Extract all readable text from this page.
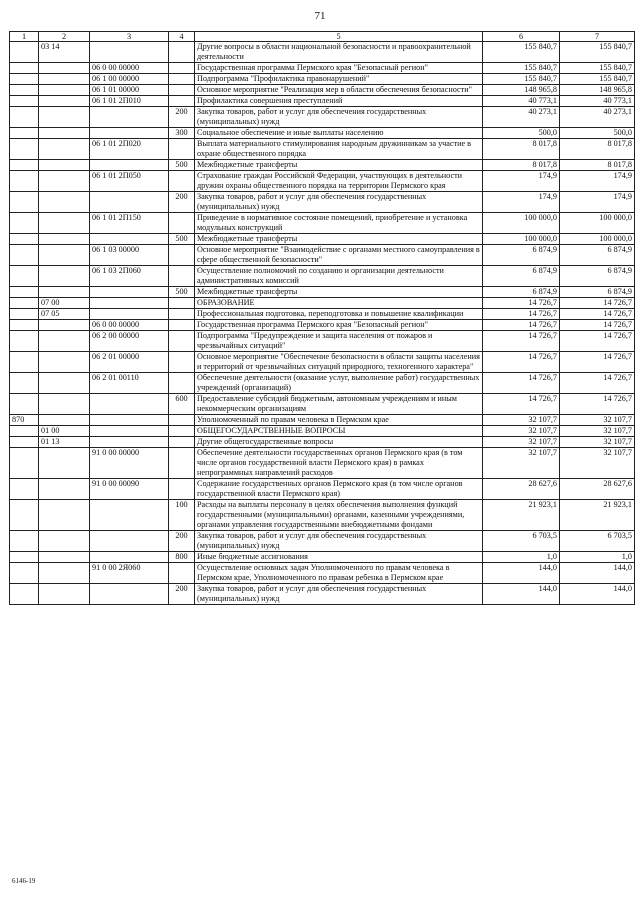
71
1	2	3	4	5	6	7
	03 14			Другие вопросы в области национальной безопасности и правоохранительной деятельности	155 840,7	155 840,7
		06 0 00 00000		Государственная программа Пермского края "Безопасный регион"	155 840,7	155 840,7
		06 1 00 00000		Подпрограмма "Профилактика правонарушений"	155 840,7	155 840,7
		06 1 01 00000		Основное мероприятие "Реализация мер в области обеспечения безопасности"	148 965,8	148 965,8
		06 1 01 2П010		Профилактика совершения преступлений	40 773,1	40 773,1
			200	Закупка товаров, работ и услуг для обеспечения государственных (муниципальных) нужд	40 273,1	40 273,1
			300	Социальное обеспечение и иные выплаты населению	500,0	500,0
		06 1 01 2П020		Выплата материального стимулирования народным дружинникам за участие в охране общественного порядка	8 017,8	8 017,8
			500	Межбюджетные трансферты	8 017,8	8 017,8
		06 1 01 2П050		Страхование граждан Российской Федерации, участвующих в деятельности дружин охраны общественного порядка на территории Пермского края	174,9	174,9
			200	Закупка товаров, работ и услуг для обеспечения государственных (муниципальных) нужд	174,9	174,9
		06 1 01 2П150		Приведение в нормативное состояние помещений, приобретение и установка модульных конструкций	100 000,0	100 000,0
			500	Межбюджетные трансферты	100 000,0	100 000,0
		06 1 03 00000		Основное мероприятие "Взаимодействие с органами местного самоуправления в сфере общественной безопасности"	6 874,9	6 874,9
		06 1 03 2П060		Осуществление полномочий по созданию и организации деятельности административных комиссий	6 874,9	6 874,9
			500	Межбюджетные трансферты	6 874,9	6 874,9
	07 00			ОБРАЗОВАНИЕ	14 726,7	14 726,7
	07 05			Профессиональная подготовка, переподготовка и повышение квалификации	14 726,7	14 726,7
		06 0 00 00000		Государственная программа Пермского края "Безопасный регион"	14 726,7	14 726,7
		06 2 00 00000		Подпрограмма "Предупреждение и защита населения от пожаров и чрезвычайных ситуаций"	14 726,7	14 726,7
		06 2 01 00000		Основное мероприятие "Обеспечение безопасности в области защиты населения и территорий от чрезвычайных ситуаций природного, техногенного характера"	14 726,7	14 726,7
		06 2 01 00110		Обеспечение деятельности (оказание услуг, выполнение работ) государственных учреждений (организаций)	14 726,7	14 726,7
			600	Предоставление субсидий бюджетным, автономным учреждениям и иным некоммерческим организациям	14 726,7	14 726,7
870				Уполномоченный по правам человека в Пермском крае	32 107,7	32 107,7
	01 00			ОБЩЕГОСУДАРСТВЕННЫЕ ВОПРОСЫ	32 107,7	32 107,7
	01 13			Другие общегосударственные вопросы	32 107,7	32 107,7
		91 0 00 00000		Обеспечение деятельности государственных органов Пермского края (в том числе органов государственной власти Пермского края) в рамках непрограммных направлений расходов	32 107,7	32 107,7
		91 0 00 00090		Содержание государственных органов Пермского края (в том числе органов государственной власти Пермского края)	28 627,6	28 627,6
			100	Расходы на выплаты персоналу в целях обеспечения выполнения функций государственными (муниципальными) органами, казенными учреждениями, органами управления государственными внебюджетными фондами	21 923,1	21 923,1
			200	Закупка товаров, работ и услуг для обеспечения государственных (муниципальных) нужд	6 703,5	6 703,5
			800	Иные бюджетные ассигнования	1,0	1,0
		91 0 00 2Я060		Осуществление основных задач Уполномоченного по правам человека в Пермском крае, Уполномоченного по правам ребенка в Пермском крае	144,0	144,0
			200	Закупка товаров, работ и услуг для обеспечения государственных (муниципальных) нужд	144,0	144,0
6146-19
